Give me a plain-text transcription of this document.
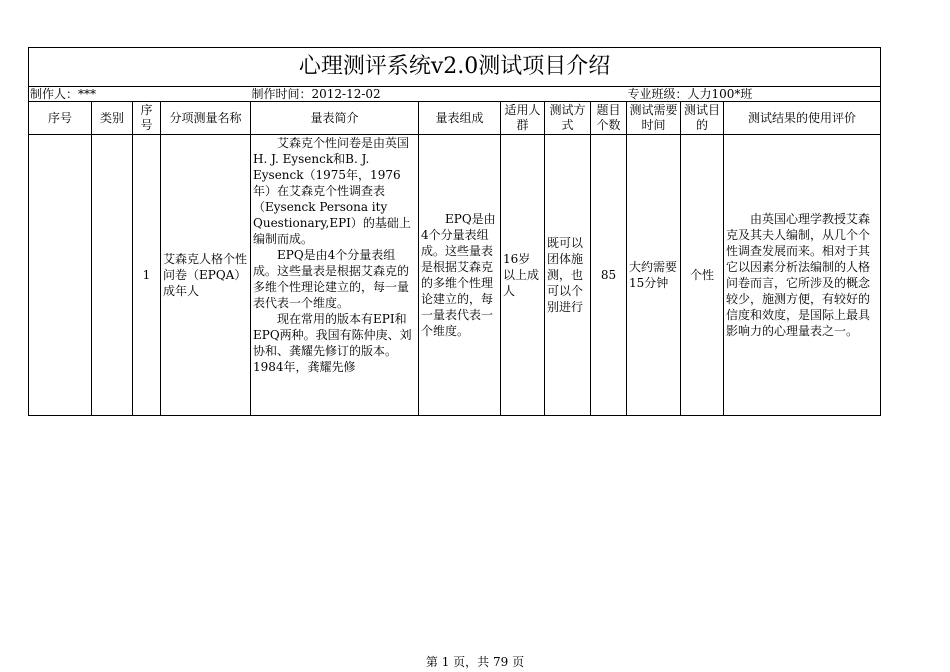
心理测评系统v2.0测试项目介绍											
制作人：***				制作时间：2012-12-02					专业班级：人力100*班		
序号	类别	序号	分项测量名称	量表简介	量表组成	适用人群	测试方式	题目个数	测试需要时间	测试目的	测试结果的使用评价
		1	艾森克人格个性问卷（EPQA）成年人	艾森克个性问卷是由英国H. J. Eysenck和B. J. Eysenck（1975年，1976年）在艾森克个性调查表（Eysenck Persona ity Questionary,EPI）的基础上编制而成。

EPQ是由4个分量表组成。这些量表是根据艾森克的多维个性理论建立的，每一量表代表一个维度。

现在常用的版本有EPI和EPQ两种。我国有陈仲庚、刘协和、龚耀先修订的版本。1984年，龚耀先修	EPQ是由4个分量表组成。这些量表是根据艾森克的多维个性理论建立的，每一量表代表一个维度。	16岁以上成人	既可以团体施测，也可以个别进行	85	大约需要15分钟	个性	由英国心理学教授艾森克及其夫人编制，从几个个性调查发展而来。相对于其它以因素分析法编制的人格问卷而言，它所涉及的概念较少，施测方便，有较好的信度和效度，是国际上最具影响力的心理量表之一。

第 1 页，共 79 页
